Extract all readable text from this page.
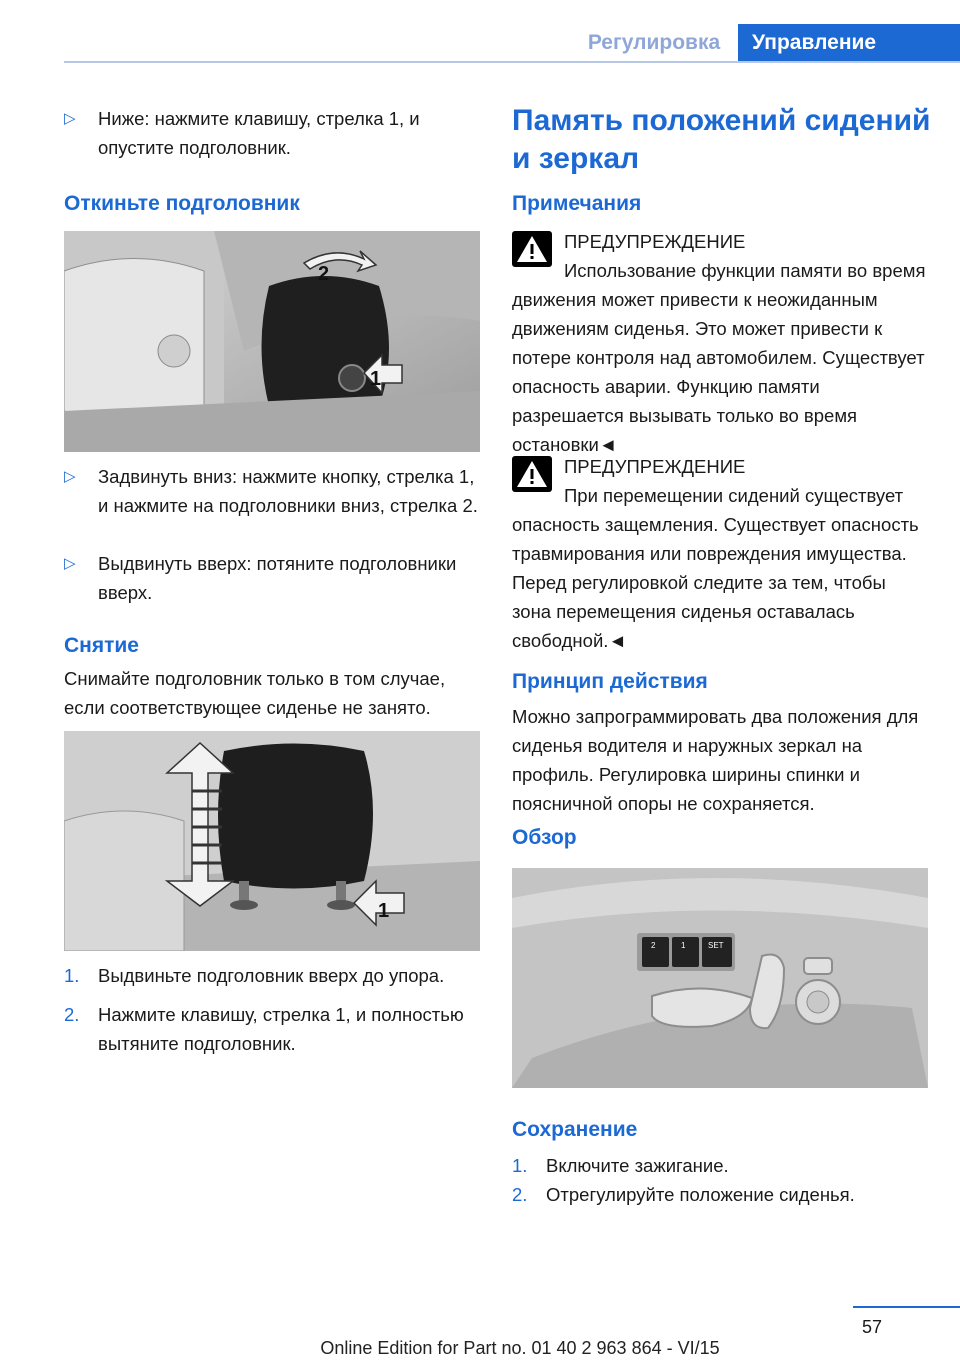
Регулировка	Управление
▷	Ниже: нажмите клавишу, стрелка 1, и опустите подголовник.
Откиньте подголовник
2
1
▷	Задвинуть вниз: нажмите кнопку, стрелка 1, и нажмите на подголовники вниз, стрелка 2.
▷	Выдвинуть вверх: потяните подголовники вверх.
Снятие
Снимайте подголовник только в том случае, если соответствующее сиденье не занято.
1
1.	Выдвиньте подголовник вверх до упора.
2.	Нажмите клавишу, стрелка 1, и полностью вытяните подголовник.
Память положений сидений и зеркал
Примечания
ПРЕДУПРЕЖДЕНИЕ
Использование функции памяти во время движения может привести к неожиданным движениям сиденья. Это может привести к потере контроля над автомобилем. Существует опасность аварии. Функцию памяти разрешается вызывать только во время остановки◄
ПРЕДУПРЕЖДЕНИЕ
При перемещении сидений существует опасность защемления. Существует опасность травмирования или повреждения имущества. Перед регулировкой следите за тем, чтобы зона перемещения сиденья оставалась свободной.◄
Принцип действия
Можно запрограммировать два положения для сиденья водителя и наружных зеркал на профиль. Регулировка ширины спинки и поясничной опоры не сохраняется.
Обзор
2	1	SET
Сохранение
1.	Включите зажигание.
2.	Отрегулируйте положение сиденья.
57
Online Edition for Part no. 01 40 2 963 864 - VI/15
